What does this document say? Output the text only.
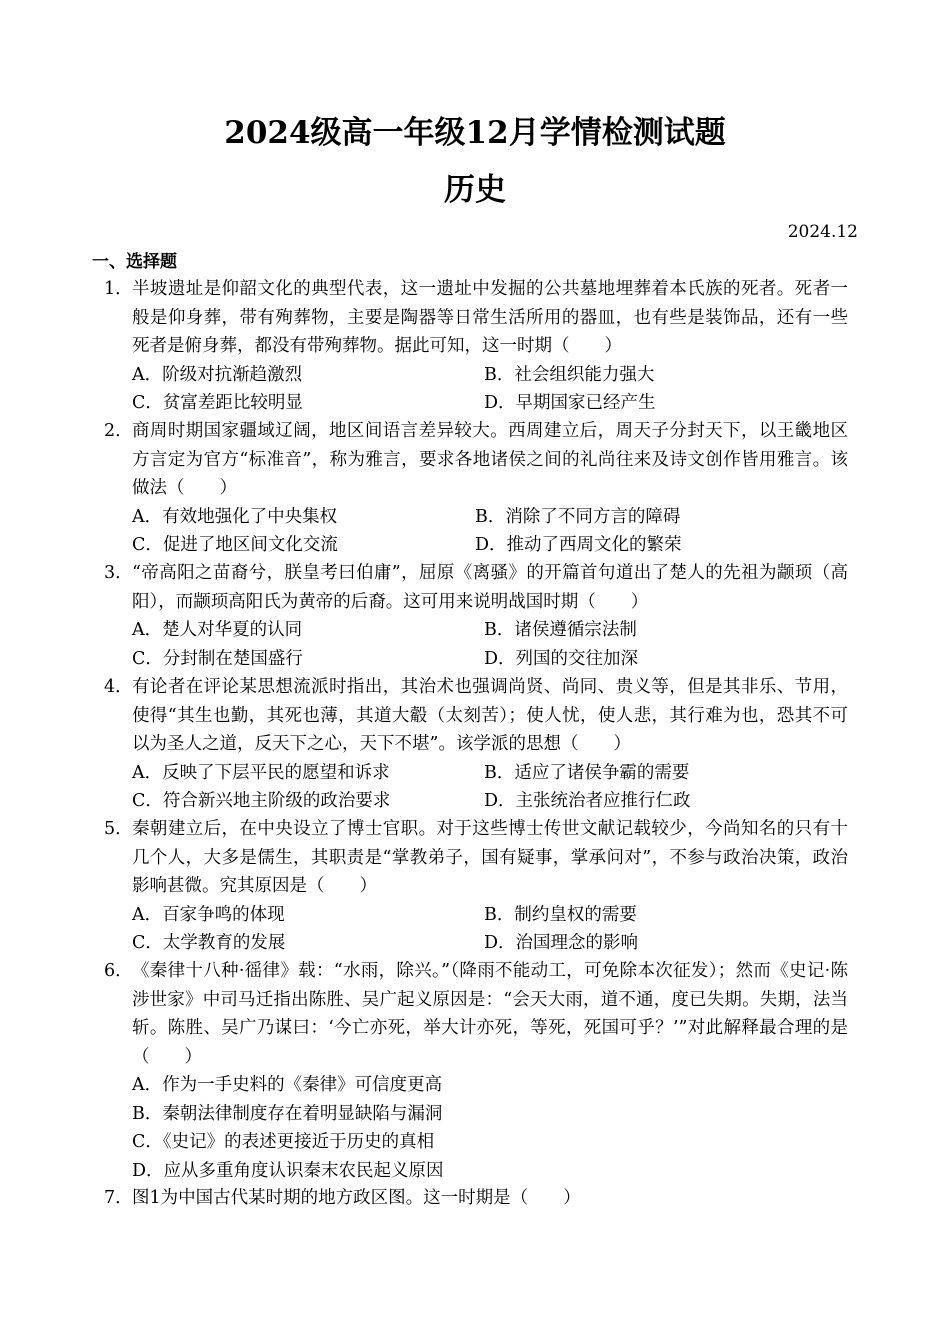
2024级高一年级12月学情检测试题
历史
2024.12
一、选择题
1． 半坡遗址是仰韶文化的典型代表，这一遗址中发掘的公共墓地埋葬着本氏族的死者。死者一般是仰身葬，带有殉葬物，主要是陶器等日常生活所用的器皿，也有些是装饰品，还有一些死者是俯身葬，都没有带殉葬物。据此可知，这一时期（　　）
A．阶级对抗渐趋激烈	B．社会组织能力强大
C．贫富差距比较明显	D．早期国家已经产生
2． 商周时期国家疆域辽阔，地区间语言差异较大。西周建立后，周天子分封天下，以王畿地区方言定为官方“标准音”，称为雅言，要求各地诸侯之间的礼尚往来及诗文创作皆用雅言。该做法（　　）
A．有效地强化了中央集权	B．消除了不同方言的障碍
C．促进了地区间文化交流	D．推动了西周文化的繁荣
3． “帝高阳之苗裔兮，朕皇考曰伯庸”，屈原《离骚》的开篇首句道出了楚人的先祖为颛顼（高阳），而颛顼高阳氏为黄帝的后裔。这可用来说明战国时期（　　）
A．楚人对华夏的认同	B．诸侯遵循宗法制
C．分封制在楚国盛行	D．列国的交往加深
4． 有论者在评论某思想流派时指出，其治术也强调尚贤、尚同、贵义等，但是其非乐、节用，使得“其生也勤，其死也薄，其道大觳（太刻苦）；使人忧，使人悲，其行难为也，恐其不可以为圣人之道，反天下之心，天下不堪”。该学派的思想（　　）
A．反映了下层平民的愿望和诉求	B．适应了诸侯争霸的需要
C．符合新兴地主阶级的政治要求	D．主张统治者应推行仁政
5． 秦朝建立后，在中央设立了博士官职。对于这些博士传世文献记载较少，今尚知名的只有十几个人，大多是儒生，其职责是“掌教弟子，国有疑事，掌承问对”，不参与政治决策，政治影响甚微。究其原因是（　　）
A．百家争鸣的体现	B．制约皇权的需要
C．太学教育的发展	D．治国理念的影响
6． 《秦律十八种·徭律》载：“水雨，除兴。”（降雨不能动工，可免除本次征发）；然而《史记·陈涉世家》中司马迁指出陈胜、吴广起义原因是：“会天大雨，道不通，度已失期。失期，法当斩。陈胜、吴广乃谋曰：‘今亡亦死，举大计亦死，等死，死国可乎？’”对此解释最合理的是（　　）
A．作为一手史料的《秦律》可信度更高
B．秦朝法律制度存在着明显缺陷与漏洞
C．《史记》的表述更接近于历史的真相
D．应从多重角度认识秦末农民起义原因
7． 图1为中国古代某时期的地方政区图。这一时期是（　　）
